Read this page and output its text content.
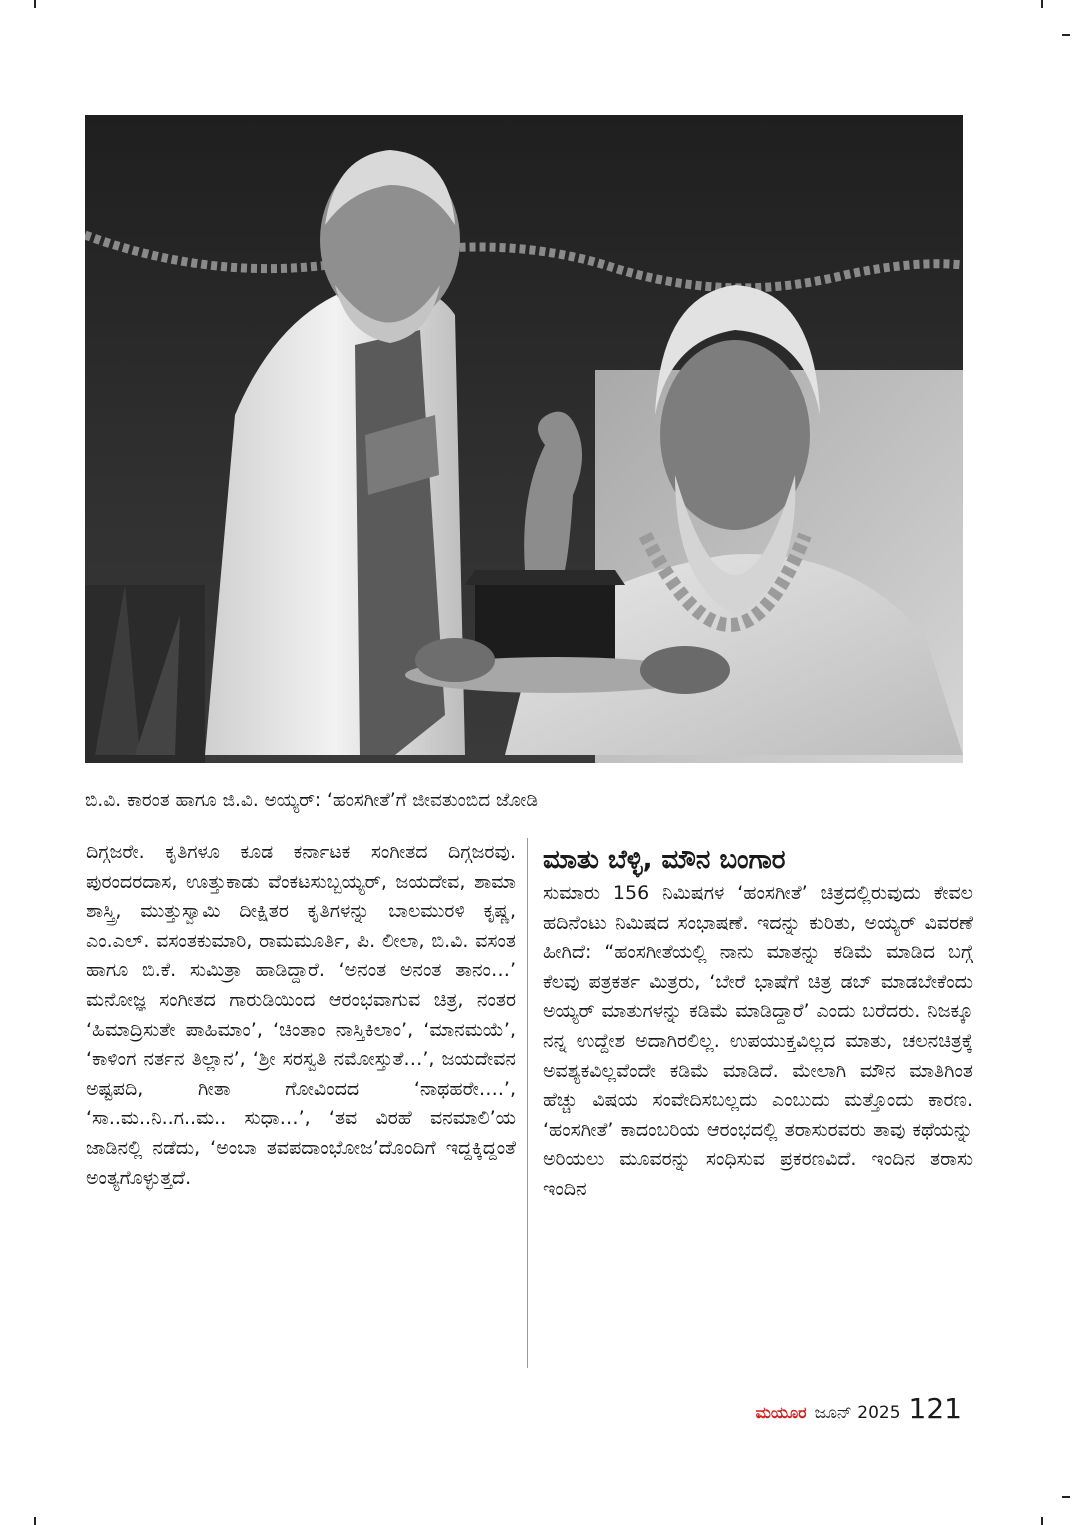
ಬಿ.ವಿ. ಕಾರಂತ ಹಾಗೂ ಜಿ.ವಿ. ಅಯ್ಯರ್: ‘ಹಂಸಗೀತೆ’ಗೆ ಜೀವತುಂಬಿದ ಜೋಡಿ

ದಿಗ್ಗಜರೇ. ಕೃತಿಗಳೂ ಕೂಡ ಕರ್ನಾಟಕ ಸಂಗೀತದ ದಿಗ್ಗಜರವು. ಪುರಂದರದಾಸ, ಊತ್ತುಕಾಡು ವೆಂಕಟಸುಬ್ಬಯ್ಯರ್, ಜಯದೇವ, ಶಾಮಾ ಶಾಸ್ತ್ರಿ, ಮುತ್ತುಸ್ವಾಮಿ ದೀಕ್ಷಿತರ ಕೃತಿಗಳನ್ನು ಬಾಲಮುರಳಿ ಕೃಷ್ಣ, ಎಂ.ಎಲ್. ವಸಂತಕುಮಾರಿ, ರಾಮಮೂರ್ತಿ, ಪಿ. ಲೀಲಾ, ಬಿ.ವಿ. ವಸಂತ ಹಾಗೂ ಬಿ.ಕೆ. ಸುಮಿತ್ರಾ ಹಾಡಿದ್ದಾರೆ. ‘ಅನಂತ ಅನಂತ ತಾನಂ…’ ಮನೋಜ್ಞ ಸಂಗೀತದ ಗಾರುಡಿಯಿಂದ ಆರಂಭವಾಗುವ ಚಿತ್ರ, ನಂತರ ‘ಹಿಮಾದ್ರಿಸುತೇ ಪಾಹಿಮಾಂ’, ‘ಚಿಂತಾಂ ನಾಸ್ತಿಕಿಲಾಂ’, ‘ಮಾನಮಯೆ’, ‘ಕಾಳಿಂಗ ನರ್ತನ ತಿಲ್ಲಾನ’, ‘ಶ್ರೀ ಸರಸ್ವತಿ ನಮೋಸ್ತುತೆ…’, ಜಯದೇವನ ಅಷ್ಟಪದಿ, ಗೀತಾ ಗೋವಿಂದದ ‘ನಾಥಹರೇ….’, ‘ಸಾ..ಮ..ನಿ..ಗ..ಮ.. ಸುಧಾ…’, ‘ತವ ವಿರಹೆ ವನಮಾಲಿ’ಯ ಜಾಡಿನಲ್ಲಿ ನಡೆದು, ‘ಅಂಬಾ ತವಪದಾಂಭೋಜ’ದೊಂದಿಗೆ ಇದ್ದಕ್ಕಿದ್ದಂತೆ ಅಂತ್ಯಗೊಳ್ಳುತ್ತದೆ.

ಮಾತು ಬೆಳ್ಳಿ, ಮೌನ ಬಂಗಾರ

ಸುಮಾರು 156 ನಿಮಿಷಗಳ ‘ಹಂಸಗೀತೆ’ ಚಿತ್ರದಲ್ಲಿರುವುದು ಕೇವಲ ಹದಿನೆಂಟು ನಿಮಿಷದ ಸಂಭಾಷಣೆ. ಇದನ್ನು ಕುರಿತು, ಅಯ್ಯರ್ ವಿವರಣೆ ಹೀಗಿದೆ: “ಹಂಸಗೀತೆಯಲ್ಲಿ ನಾನು ಮಾತನ್ನು ಕಡಿಮೆ ಮಾಡಿದ ಬಗ್ಗೆ ಕೆಲವು ಪತ್ರಕರ್ತ ಮಿತ್ರರು, ‘ಬೇರೆ ಭಾಷೆಗೆ ಚಿತ್ರ ಡಬ್ ಮಾಡಬೇಕೆಂದು ಅಯ್ಯರ್ ಮಾತುಗಳನ್ನು ಕಡಿಮೆ ಮಾಡಿದ್ದಾರೆ’ ಎಂದು ಬರೆದರು. ನಿಜಕ್ಕೂ ನನ್ನ ಉದ್ದೇಶ ಅದಾಗಿರಲಿಲ್ಲ. ಉಪಯುಕ್ತವಿಲ್ಲದ ಮಾತು, ಚಲನಚಿತ್ರಕ್ಕೆ ಅವಶ್ಯಕವಿಲ್ಲವೆಂದೇ ಕಡಿಮೆ ಮಾಡಿದೆ. ಮೇಲಾಗಿ ಮೌನ ಮಾತಿಗಿಂತ ಹೆಚ್ಚು ವಿಷಯ ಸಂವೇದಿಸಬಲ್ಲದು ಎಂಬುದು ಮತ್ತೊಂದು ಕಾರಣ. ‘ಹಂಸಗೀತೆ’ ಕಾದಂಬರಿಯ ಆರಂಭದಲ್ಲಿ ತರಾಸುರವರು ತಾವು ಕಥೆಯನ್ನು ಅರಿಯಲು ಮೂವರನ್ನು ಸಂಧಿಸುವ ಪ್ರಕರಣವಿದೆ. ಇಂದಿನ ತರಾಸು ಇಂದಿನ

ಮಯೂರ ಜೂನ್ 2025 121
